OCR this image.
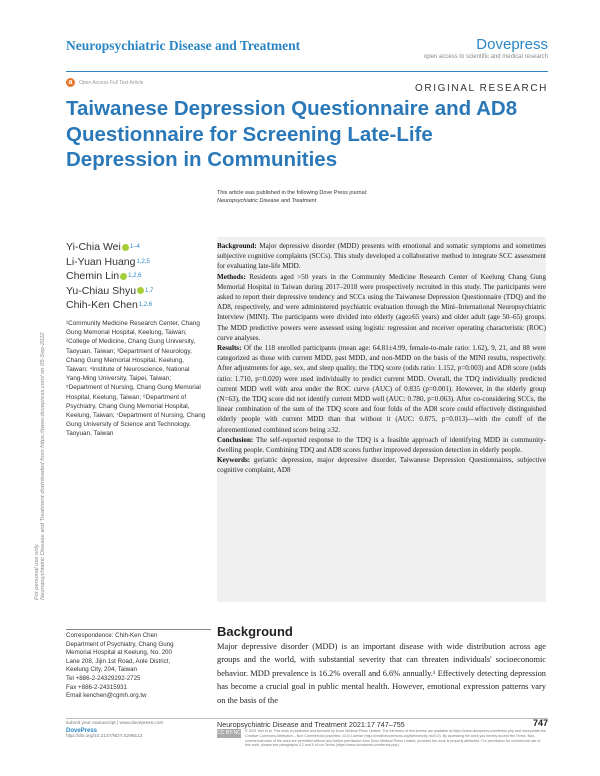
Neuropsychiatric Disease and Treatment	Dovepress
open access to scientific and medical research
a	Open Access Full Text Article
ORIGINAL RESEARCH
Taiwanese Depression Questionnaire and AD8 Questionnaire for Screening Late-Life Depression in Communities
This article was published in the following Dove Press journal:
Neuropsychiatric Disease and Treatment
Neuropsychiatric Disease and Treatment downloaded from https://www.dovepress.com/ on 05-Sep-2022
For personal use only.
Yi-Chia Wei 1–4
Li-Yuan Huang 1,2,5
Chemin Lin 1,2,6
Yu-Chiau Shyu 1,7
Chih-Ken Chen 1,2,6
¹Community Medicine Research Center, Chang Gung Memorial Hospital, Keelung, Taiwan; ²College of Medicine, Chang Gung University, Taoyuan, Taiwan; ³Department of Neurology, Chang Gung Memorial Hospital, Keelung, Taiwan; ⁴Institute of Neuroscience, National Yang-Ming University, Taipei, Taiwan; ⁵Department of Nursing, Chang Gung Memorial Hospital, Keelung, Taiwan; ⁶Department of Psychiatry, Chang Gung Memorial Hospital, Keelung, Taiwan; ⁷Department of Nursing, Chang Gung University of Science and Technology, Taoyuan, Taiwan
Correspondence: Chih-Ken Chen
Department of Psychiatry, Chang Gung
Memorial Hospital at Keelung, No. 200
Lane 208, Jijin 1st Road, Anle District,
Keelung City, 204, Taiwan
Tel +886-2-24329292-2725
Fax +886-2-24315931
Email kenchen@cgmh.org.tw

Background: Major depressive disorder (MDD) presents with emotional and somatic symptoms and sometimes subjective cognitive complaints (SCCs). This study developed a collaborative method to integrate SCC assessment for evaluating late-life MDD.

Methods: Residents aged >50 years in the Community Medicine Research Center of Keelung Chang Gung Memorial Hospital in Taiwan during 2017–2018 were prospectively recruited in this study. The participants were asked to report their depressive tendency and SCCs using the Taiwanese Depression Questionnaire (TDQ) and the AD8, respectively, and were administered psychiatric evaluation through the Mini–International Neuropsychiatric Interview (MINI). The participants were divided into elderly (age≥65 years) and older adult (age 50–65) groups. The MDD predictive powers were assessed using logistic regression and receiver operating characteristic (ROC) curve analyses.

Results: Of the 118 enrolled participants (mean age: 64.81±4.99, female-to-male ratio: 1.62), 9, 21, and 88 were categorized as those with current MDD, past MDD, and non-MDD on the basis of the MINI results, respectively. After adjustments for age, sex, and sleep quality, the TDQ score (odds ratio: 1.152, p=0.003) and AD8 score (odds ratio: 1.710, p=0.020) were used individually to predict current MDD. Overall, the TDQ individually predicted current MDD well with area under the ROC curve (AUC) of 0.835 (p=0.001). However, in the elderly group (N=63), the TDQ score did not identify current MDD well (AUC: 0.780, p=0.063). After co-considering SCCs, the linear combination of the sum of the TDQ score and four folds of the AD8 score could effectively distinguished elderly people with current MDD than that without it (AUC: 0.875, p=0.013)—with the cutoff of the aforementioned combined score being ≥32.

Conclusion: The self-reported response to the TDQ is a feasible approach of identifying MDD in community-dwelling people. Combining TDQ and AD8 scores further improved depression detection in elderly people.

Keywords: geriatric depression, major depressive disorder, Taiwanese Depression Questionnaires, subjective cognitive complaint, AD8

Background
Major depressive disorder (MDD) is an important disease with wide distribution across age groups and the world, with substantial severity that can threaten individuals' socioeconomic behavior. MDD prevalence is 16.2% overall and 6.6% annually.¹ Effectively detecting depression has become a crucial goal in public mental health. However, emotional expression patterns vary on the basis of the
submit your manuscript | www.dovepress.com
DovePress
http://doi.org/10.2147/NDT.S298113
Neuropsychiatric Disease and Treatment 2021:17 747–755	747
CC BY-NC © 2021 Wei et al. This work is published and licensed by Dove Medical Press Limited. The full terms of this license are available at https://www.dovepress.com/terms.php and incorporate the Creative Commons Attribution – Non Commercial (unported, v3.0) License (http://creativecommons.org/licenses/by-nc/3.0/). By accessing the work you hereby accept the Terms. Non-commercial uses of the work are permitted without any further permission from Dove Medical Press Limited, provided the work is properly attributed. For permission for commercial use of this work, please see paragraphs 4.2 and 5 of our Terms (https://www.dovepress.com/terms.php).
